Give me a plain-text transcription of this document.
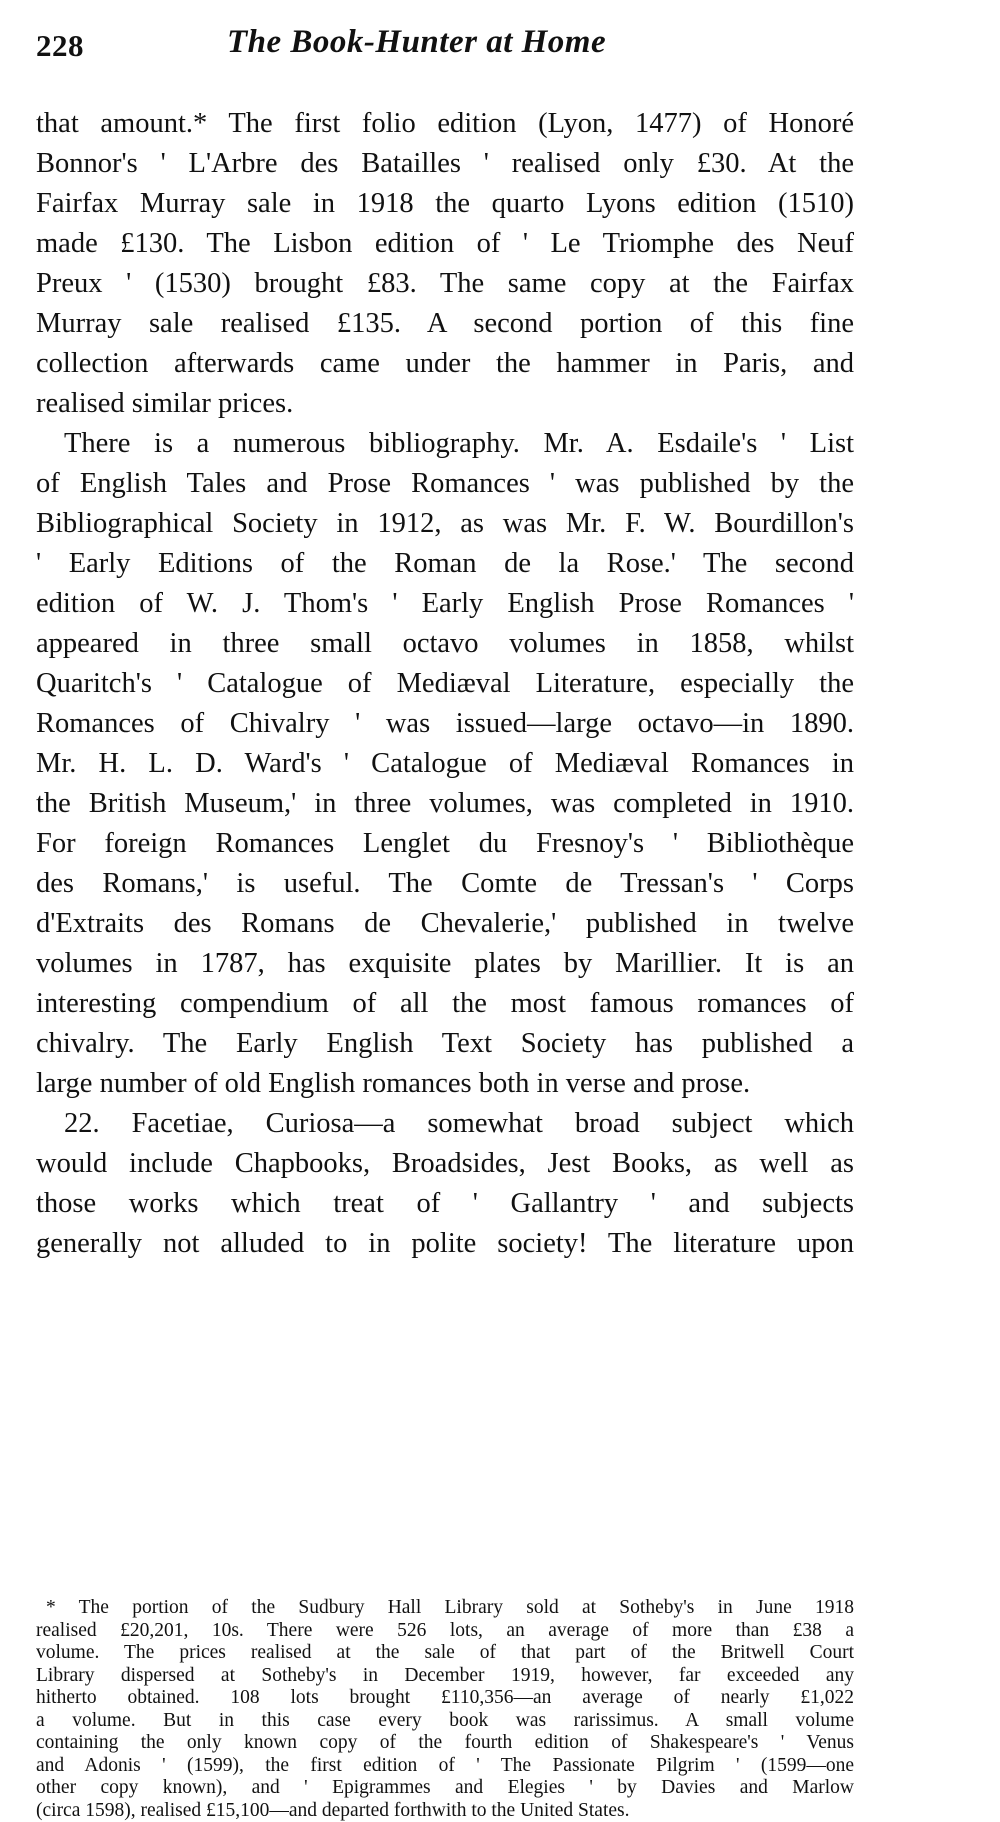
228	The Book-Hunter at Home
that amount.* The first folio edition (Lyon, 1477) of Honoré
Bonnor's ' L'Arbre des Batailles ' realised only £30. At the
Fairfax Murray sale in 1918 the quarto Lyons edition (1510)
made £130. The Lisbon edition of ' Le Triomphe des Neuf
Preux ' (1530) brought £83. The same copy at the Fairfax
Murray sale realised £135. A second portion of this fine
collection afterwards came under the hammer in Paris, and
realised similar prices.
There is a numerous bibliography. Mr. A. Esdaile's ' List
of English Tales and Prose Romances ' was published by the
Bibliographical Society in 1912, as was Mr. F. W. Bourdillon's
' Early Editions of the Roman de la Rose.' The second
edition of W. J. Thom's ' Early English Prose Romances '
appeared in three small octavo volumes in 1858, whilst
Quaritch's ' Catalogue of Mediæval Literature, especially the
Romances of Chivalry ' was issued—large octavo—in 1890.
Mr. H. L. D. Ward's ' Catalogue of Mediæval Romances in
the British Museum,' in three volumes, was completed in 1910.
For foreign Romances Lenglet du Fresnoy's ' Bibliothèque
des Romans,' is useful. The Comte de Tressan's ' Corps
d'Extraits des Romans de Chevalerie,' published in twelve
volumes in 1787, has exquisite plates by Marillier. It is an
interesting compendium of all the most famous romances of
chivalry. The Early English Text Society has published a
large number of old English romances both in verse and prose.
22. Facetiae, Curiosa—a somewhat broad subject which
would include Chapbooks, Broadsides, Jest Books, as well as
those works which treat of ' Gallantry ' and subjects
generally not alluded to in polite society! The literature upon
* The portion of the Sudbury Hall Library sold at Sotheby's in June 1918
realised £20,201, 10s. There were 526 lots, an average of more than £38 a
volume. The prices realised at the sale of that part of the Britwell Court
Library dispersed at Sotheby's in December 1919, however, far exceeded any
hitherto obtained. 108 lots brought £110,356—an average of nearly £1,022
a volume. But in this case every book was rarissimus. A small volume
containing the only known copy of the fourth edition of Shakespeare's ' Venus
and Adonis ' (1599), the first edition of ' The Passionate Pilgrim ' (1599—one
other copy known), and ' Epigrammes and Elegies ' by Davies and Marlow
(circa 1598), realised £15,100—and departed forthwith to the United States.
